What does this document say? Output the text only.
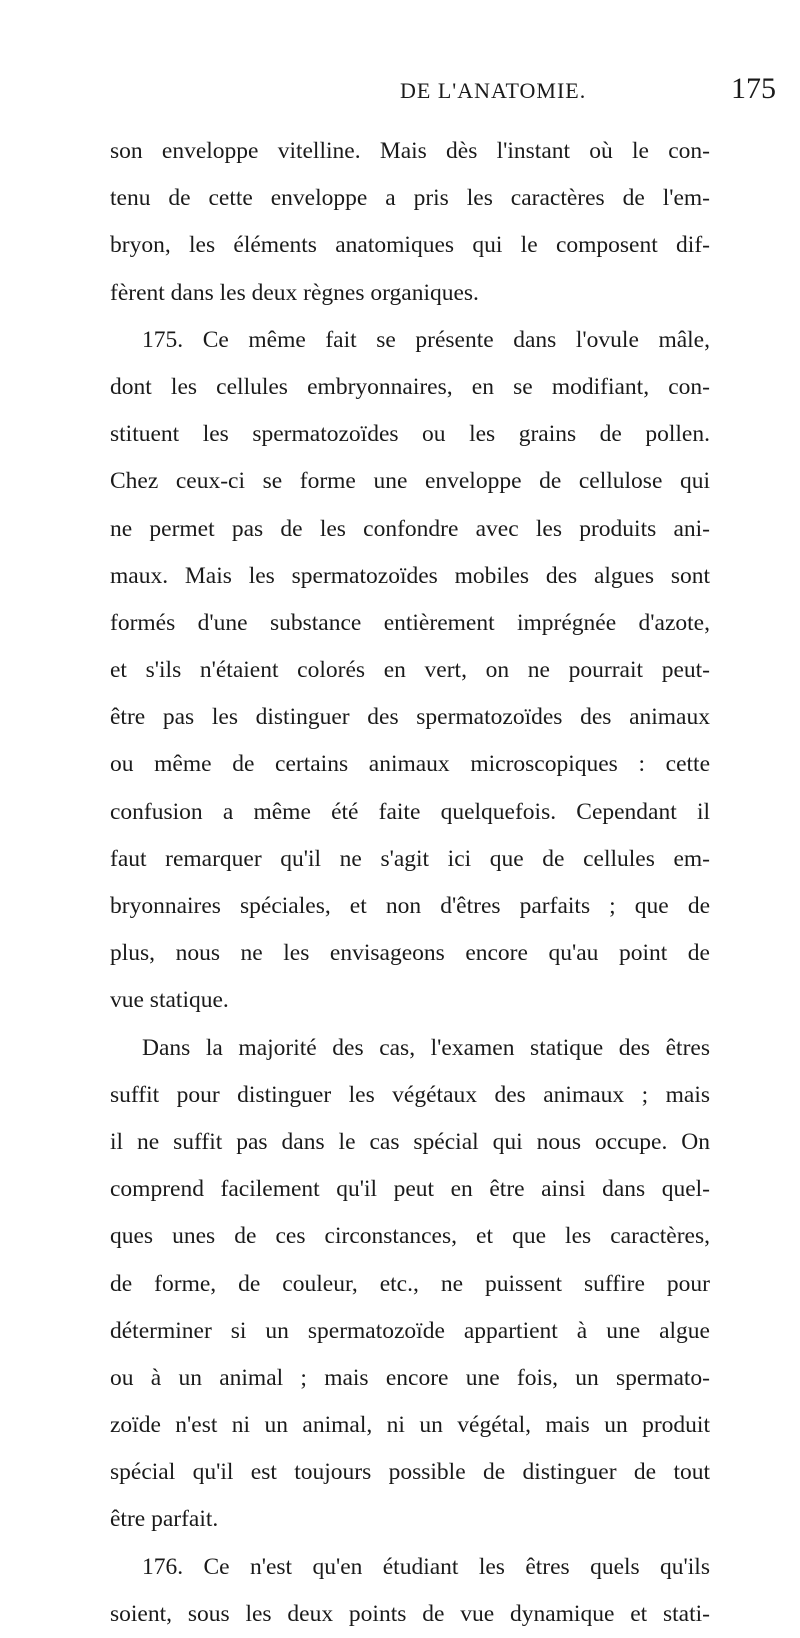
DE L'ANATOMIE.	175
son enveloppe vitelline. Mais dès l'instant où le con-
tenu de cette enveloppe a pris les caractères de l'em-
bryon, les éléments anatomiques qui le composent dif-
fèrent dans les deux règnes organiques.
175. Ce même fait se présente dans l'ovule mâle,
dont les cellules embryonnaires, en se modifiant, con-
stituent les spermatozoïdes ou les grains de pollen.
Chez ceux-ci se forme une enveloppe de cellulose qui
ne permet pas de les confondre avec les produits ani-
maux. Mais les spermatozoïdes mobiles des algues sont
formés d'une substance entièrement imprégnée d'azote,
et s'ils n'étaient colorés en vert, on ne pourrait peut-
être pas les distinguer des spermatozoïdes des animaux
ou même de certains animaux microscopiques : cette
confusion a même été faite quelquefois. Cependant il
faut remarquer qu'il ne s'agit ici que de cellules em-
bryonnaires spéciales, et non d'êtres parfaits ; que de
plus, nous ne les envisageons encore qu'au point de
vue statique.
Dans la majorité des cas, l'examen statique des êtres
suffit pour distinguer les végétaux des animaux ; mais
il ne suffit pas dans le cas spécial qui nous occupe. On
comprend facilement qu'il peut en être ainsi dans quel-
ques unes de ces circonstances, et que les caractères,
de forme, de couleur, etc., ne puissent suffire pour
déterminer si un spermatozoïde appartient à une algue
ou à un animal ; mais encore une fois, un spermato-
zoïde n'est ni un animal, ni un végétal, mais un produit
spécial qu'il est toujours possible de distinguer de tout
être parfait.
176. Ce n'est qu'en étudiant les êtres quels qu'ils
soient, sous les deux points de vue dynamique et stati-
